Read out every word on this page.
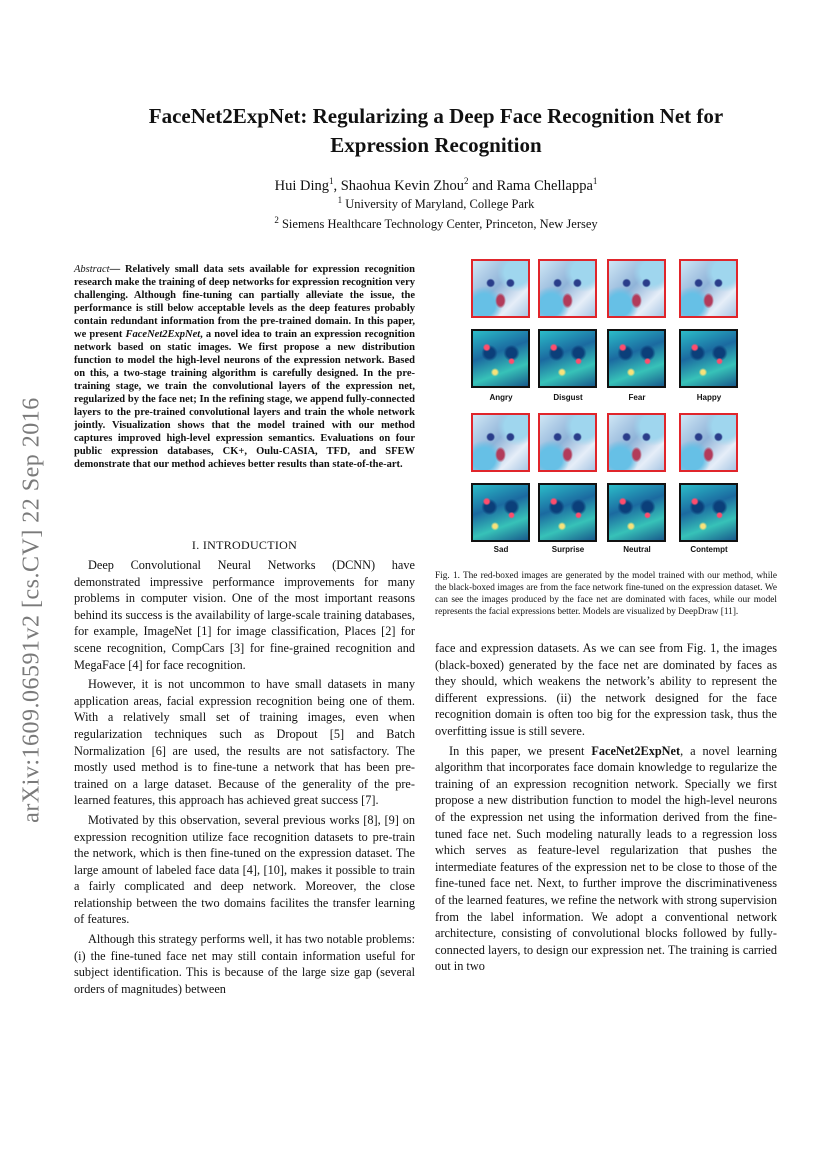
arXiv:1609.06591v2 [cs.CV] 22 Sep 2016
FaceNet2ExpNet: Regularizing a Deep Face Recognition Net for
Expression Recognition
Hui Ding$^1$, Shaohua Kevin Zhou$^2$ and Rama Chellappa$^1$
$^1$ University of Maryland, College Park
$^2$ Siemens Healthcare Technology Center, Princeton, New Jersey
Abstract— Relatively small data sets available for expression recognition research make the training of deep networks for expression recognition very challenging. Although fine-tuning can partially alleviate the issue, the performance is still below acceptable levels as the deep features probably contain redundant information from the pre-trained domain. In this paper, we present FaceNet2ExpNet, a novel idea to train an expression recognition network based on static images. We first propose a new distribution function to model the high-level neurons of the expression network. Based on this, a two-stage training algorithm is carefully designed. In the pre-training stage, we train the convolutional layers of the expression net, regularized by the face net; In the refining stage, we append fully-connected layers to the pre-trained convolutional layers and train the whole network jointly. Visualization shows that the model trained with our method captures improved high-level expression semantics. Evaluations on four public expression databases, CK+, Oulu-CASIA, TFD, and SFEW demonstrate that our method achieves better results than state-of-the-art.
I. INTRODUCTION

Deep Convolutional Neural Networks (DCNN) have demonstrated impressive performance improvements for many problems in computer vision. One of the most important reasons behind its success is the availability of large-scale training databases, for example, ImageNet [1] for image classification, Places [2] for scene recognition, CompCars [3] for fine-grained recognition and MegaFace [4] for face recognition.

However, it is not uncommon to have small datasets in many application areas, facial expression recognition being one of them. With a relatively small set of training images, even when regularization techniques such as Dropout [5] and Batch Normalization [6] are used, the results are not satisfactory. The mostly used method is to fine-tune a network that has been pre-trained on a large dataset. Because of the generality of the pre-learned features, this approach has achieved great success [7].

Motivated by this observation, several previous works [8], [9] on expression recognition utilize face recognition datasets to pre-train the network, which is then fine-tuned on the expression dataset. The large amount of labeled face data [4], [10], makes it possible to train a fairly complicated and deep network. Moreover, the close relationship between the two domains facilites the transfer learning of features.

Although this strategy performs well, it has two notable problems: (i) the fine-tuned face net may still contain information useful for subject identification. This is because of the large size gap (several orders of magnitudes) between

Angry	Disgust	Fear	Happy
Sad	Surprise	Neutral	Contempt
Fig. 1. The red-boxed images are generated by the model trained with our method, while the black-boxed images are from the face network fine-tuned on the expression dataset. We can see the images produced by the face net are dominated with faces, while our model represents the facial expressions better. Models are visualized by DeepDraw [11].

face and expression datasets. As we can see from Fig. 1, the images (black-boxed) generated by the face net are dominated by faces as they should, which weakens the network’s ability to represent the different expressions. (ii) the network designed for the face recognition domain is often too big for the expression task, thus the overfitting issue is still severe.

In this paper, we present FaceNet2ExpNet, a novel learning algorithm that incorporates face domain knowledge to regularize the training of an expression recognition network. Specially we first propose a new distribution function to model the high-level neurons of the expression net using the information derived from the fine-tuned face net. Such modeling naturally leads to a regression loss which serves as feature-level regularization that pushes the intermediate features of the expression net to be close to those of the fine-tuned face net. Next, to further improve the discriminativeness of the learned features, we refine the network with strong supervision from the label information. We adopt a conventional network architecture, consisting of convolutional blocks followed by fully-connected layers, to design our expression net. The training is carried out in two
